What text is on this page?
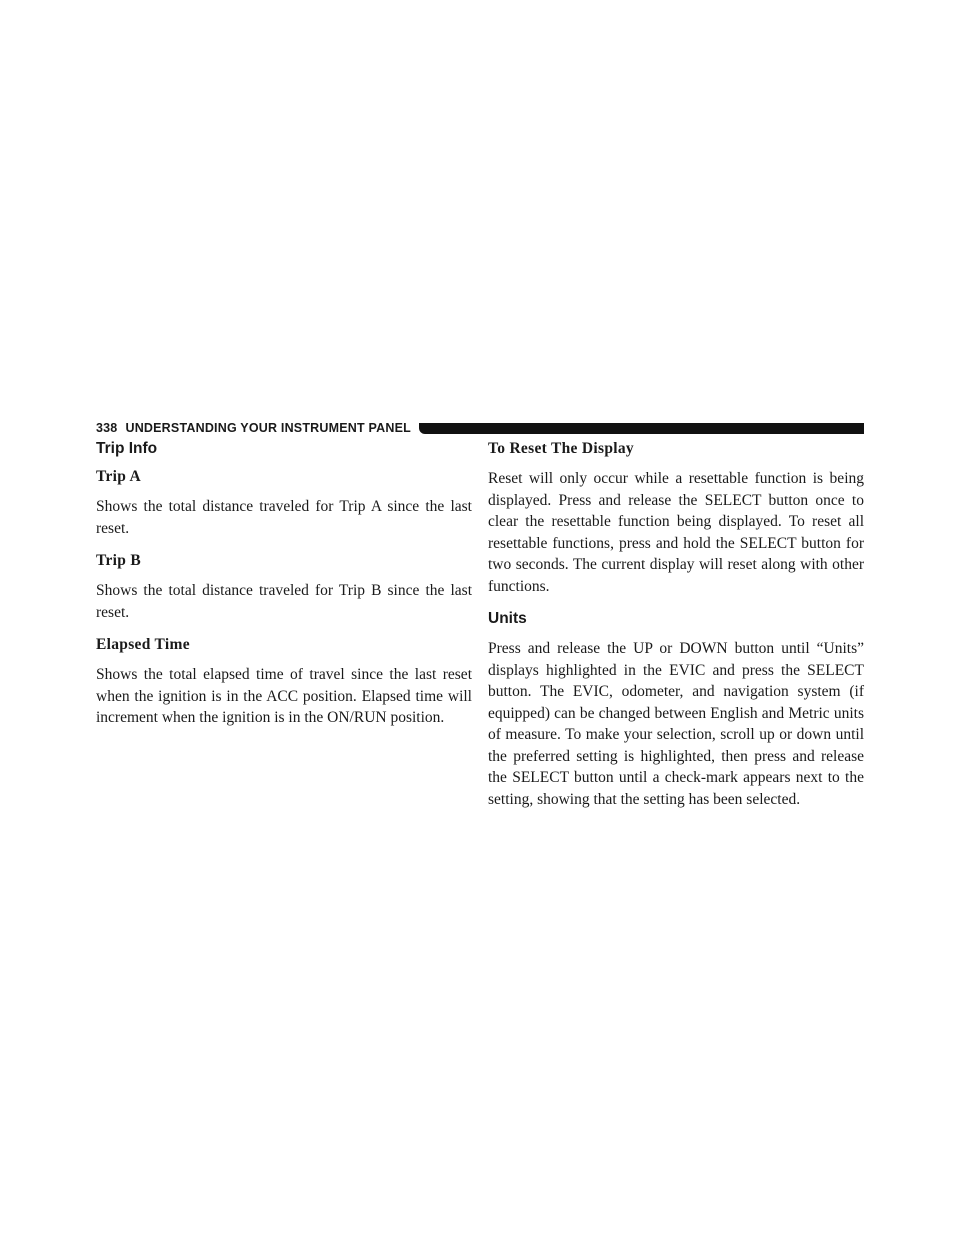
338 UNDERSTANDING YOUR INSTRUMENT PANEL
Trip Info
Trip A

Shows the total distance traveled for Trip A since the last reset.

Trip B

Shows the total distance traveled for Trip B since the last reset.

Elapsed Time

Shows the total elapsed time of travel since the last reset when the ignition is in the ACC position. Elapsed time will increment when the ignition is in the ON/RUN position.

To Reset The Display

Reset will only occur while a resettable function is being displayed. Press and release the SELECT button once to clear the resettable function being displayed. To reset all resettable functions, press and hold the SELECT button for two seconds. The current display will reset along with other functions.

Units

Press and release the UP or DOWN button until “Units” displays highlighted in the EVIC and press the SELECT button. The EVIC, odometer, and navigation system (if equipped) can be changed between English and Metric units of measure. To make your selection, scroll up or down until the preferred setting is highlighted, then press and release the SELECT button until a check-mark appears next to the setting, showing that the setting has been selected.
